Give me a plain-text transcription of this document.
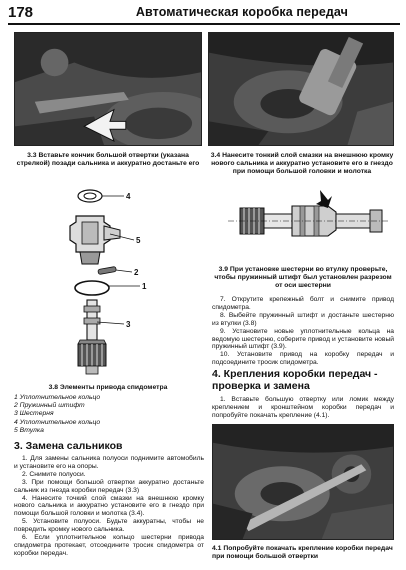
178	Автоматическая коробка передач
3.3 Вставьте кончик большой отвертки (указана стрелкой) позади сальника и аккуратно достаньте его
3.4 Нанесите тонкий слой смазки на внешнюю кромку нового сальника и аккуратно установите его в гнездо при помощи большой головки и молотка
4
5
2
1
3
3.8 Элементы привода спидометра
1 Уплотнительное кольцо
2 Пружинный штифт
3 Шестерня
4 Уплотнительное кольцо
5 Втулка
3. Замена сальников

1. Для замены сальника полуоси поднимите автомобиль и установите его на опоры.

2. Снимите полуоси.

3. При помощи большой отвертки аккуратно достаньте сальник из гнезда коробки передач (3.3)

4. Нанесите точкий слой смазки на внешнюю кромку нового сальника и аккуратно установите его в гнездо при помощи большой головки и молотка (3.4).

5. Установите полуоси. Будьте аккуратны, чтобы не повредить кромку нового сальника.

6. Если уплотнительное кольцо шестерни привода спидометра протекает, отсоедините тросик спидометра от коробки передач.

3.9 При установке шестерни во втулку проверьте, чтобы пружинный штифт был установлен разрезом от оси шестерни

7. Открутите крепежный болт и снимите привод спидометра.

8. Выбейте пружинный штифт и достаньте шестерню из втулки (3.8)

9. Установите новые уплотнительные кольца на ведомую шестерню, соберите привод и установите новый пружинный штифт (3.9).

10. Установите привод на коробку передач и подсоедините тросик спидометра.

4. Крепления коробки передач - проверка и замена

1. Вставьте большую отвертку или ломик между креплением и кронштейном коробки передач и попробуйте покачать крепление (4.1).

4.1 Попробуйте покачать крепление коробки передач при помощи большой отвертки
